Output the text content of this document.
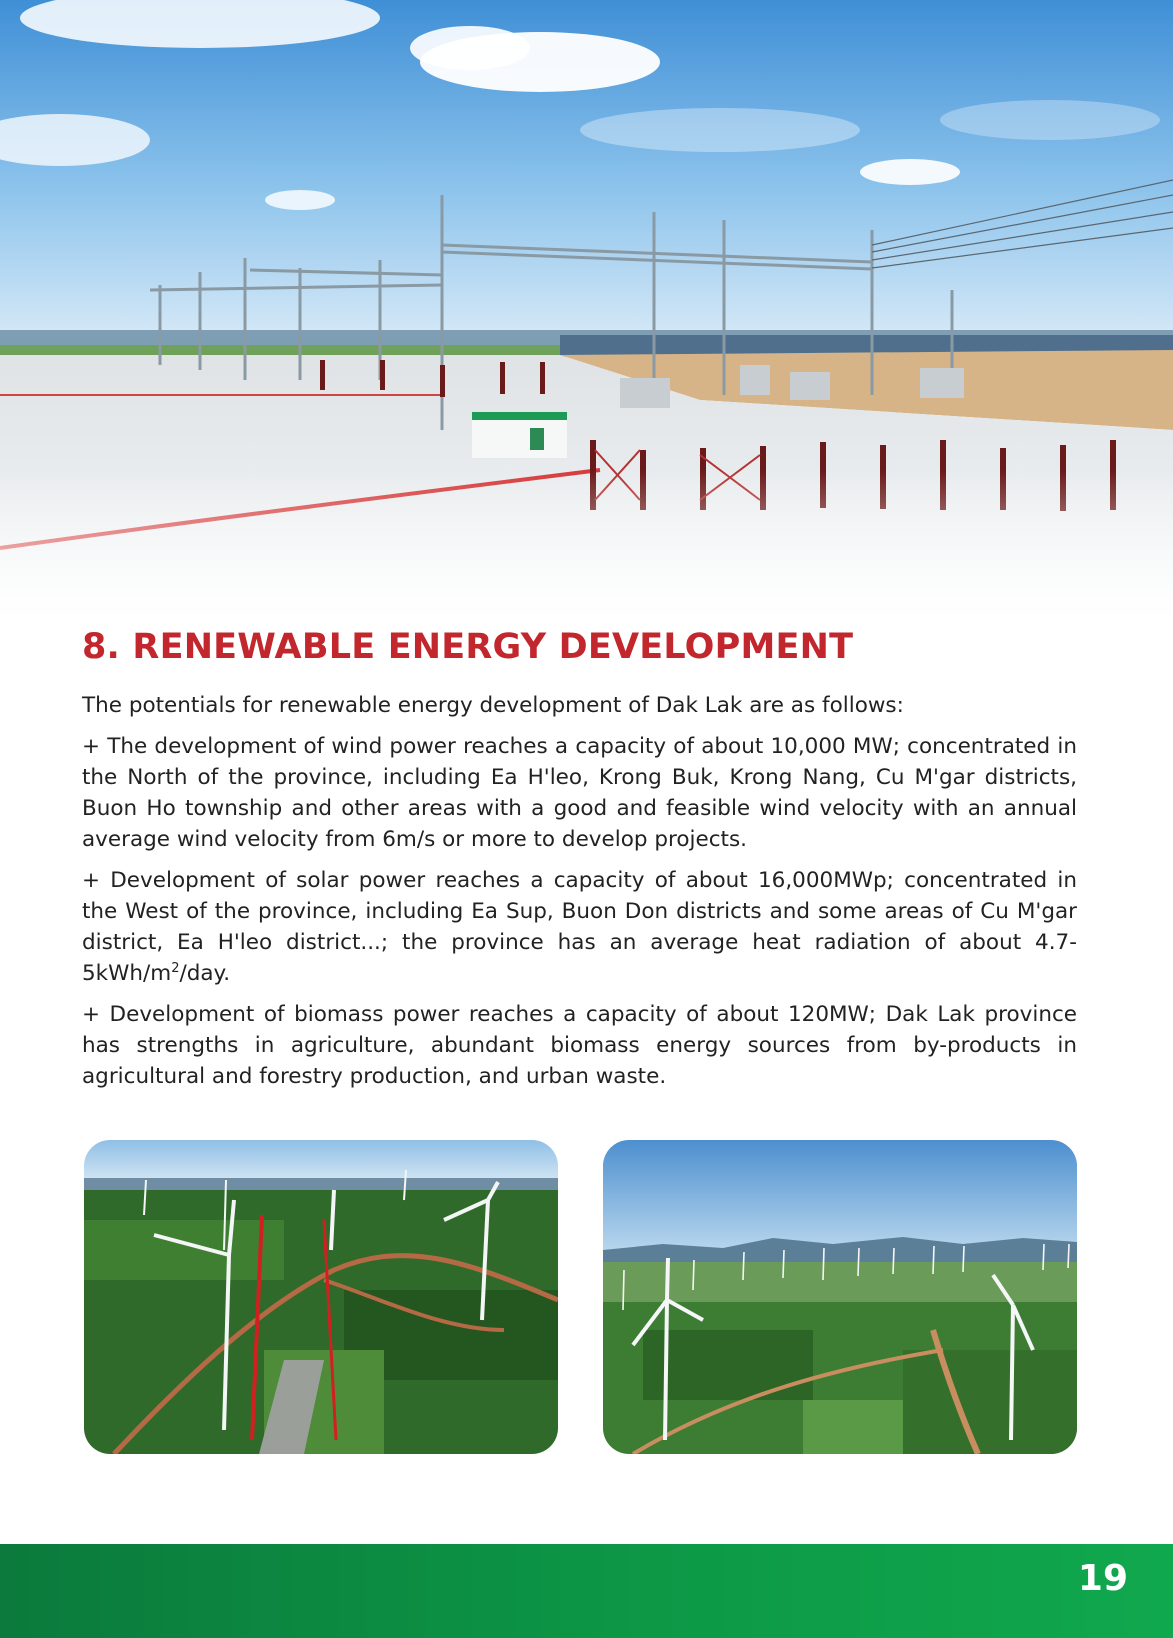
8. RENEWABLE ENERGY DEVELOPMENT

The potentials for renewable energy development of Dak Lak are as follows:

+ The development of wind power reaches a capacity of about 10,000 MW; concentrated in the North of the province, including Ea H'leo, Krong Buk, Krong Nang, Cu M'gar districts, Buon Ho township and other areas with a good and feasible wind velocity with an annual average wind velocity from 6m/s or more to develop projects.

+ Development of solar power reaches a capacity of about 16,000MWp; concentrated in the West of the province, including Ea Sup, Buon Don districts and some areas of Cu M'gar district, Ea H'leo district...; the province has an average heat radiation of about $4.7-5kWh/m^2$/day.

+ Development of biomass power reaches a capacity of about 120MW; Dak Lak province has strengths in agriculture, abundant biomass energy sources from by-products in agricultural and forestry production, and urban waste.

19
